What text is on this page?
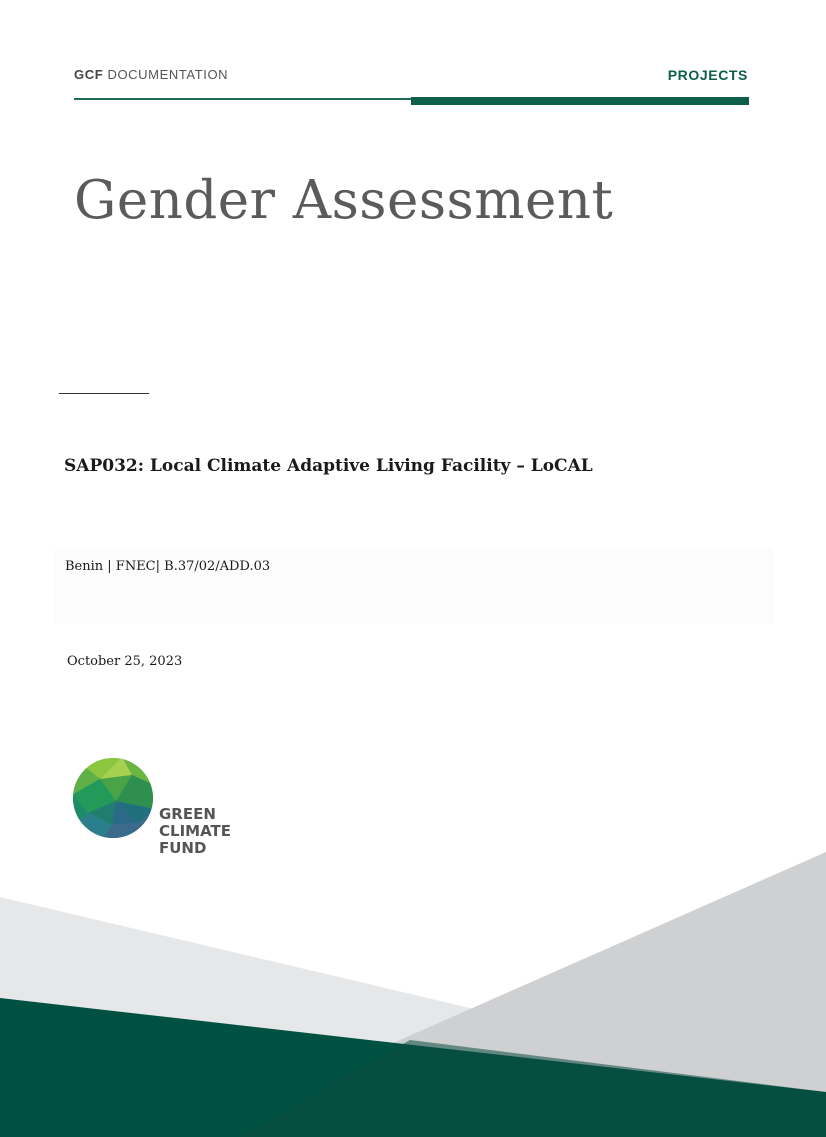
GCF DOCUMENTATION	PROJECTS
Gender Assessment
SAP032: Local Climate Adaptive Living Facility – LoCAL
Benin | FNEC| B.37/02/ADD.03
October 25, 2023
GREEN
CLIMATE
FUND
